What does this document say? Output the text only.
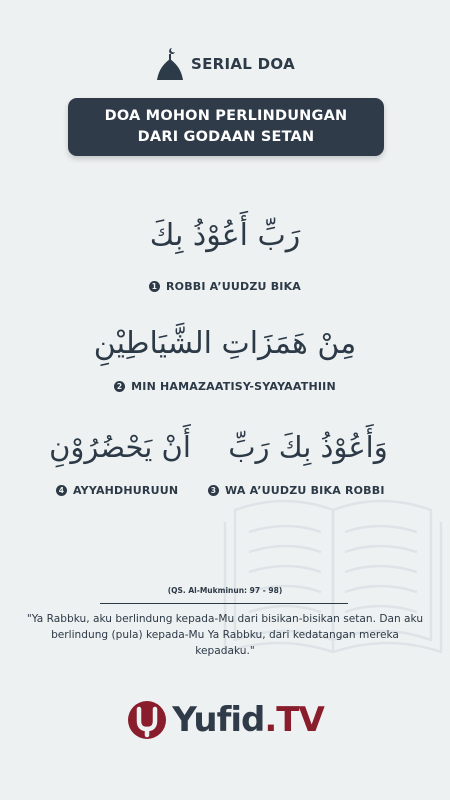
SERIAL DOA
DOA MOHON PERLINDUNGAN
DARI GODAAN SETAN
رَبِّ أَعُوْذُ بِكَ
1 ROBBI A’UUDZU BIKA
مِنْ هَمَزَاتِ الشَّيَاطِيْنِ
2 MIN HAMAZAATISY-SYAYAATHIIN
وَأَعُوْذُ بِكَ رَبِّ
3 WA A’UUDZU BIKA ROBBI
أَنْ يَحْضُرُوْنِ
4 AYYAHDHURUUN
(QS. Al-Mukminun: 97 - 98)
"Ya Rabbku, aku berlindung kepada-Mu dari bisikan-bisikan setan. Dan aku berlindung (pula) kepada-Mu Ya Rabbku, dari kedatangan mereka kepadaku."
Yufid.TV
